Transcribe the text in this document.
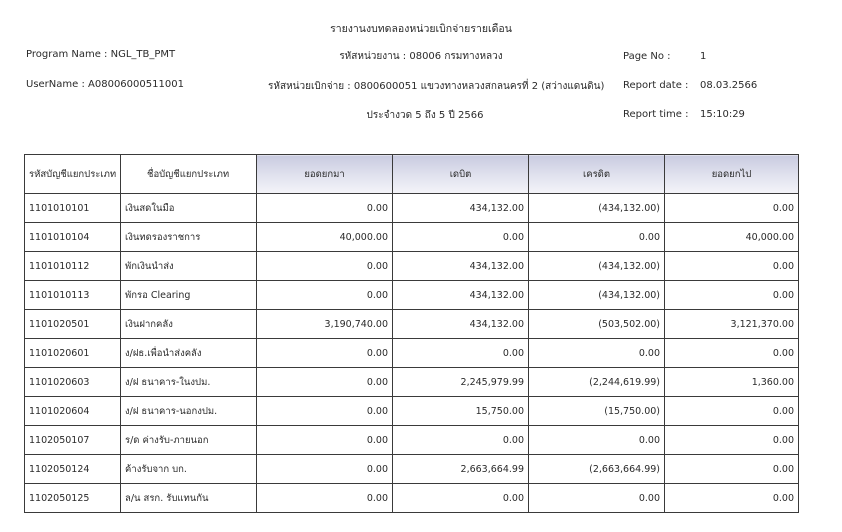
รายงานงบทดลองหน่วยเบิกจ่ายรายเดือน
Program Name : NGL_TB_PMT
UserName : A08006000511001
รหัสหน่วยงาน : 08006 กรมทางหลวง
รหัสหน่วยเบิกจ่าย : 0800600051 แขวงทางหลวงสกลนครที่ 2 (สว่างแดนดิน)
ประจำงวด 5 ถึง 5 ปี 2566
Page No :	1
Report date : 08.03.2566
Report time : 15:10:29
รหัสบัญชีแยกประเภท	ชื่อบัญชีแยกประเภท	ยอดยกมา	เดบิต	เครดิต	ยอดยกไป
1101010101	เงินสดในมือ	0.00	434,132.00	(434,132.00)	0.00
1101010104	เงินทดรองราชการ	40,000.00	0.00	0.00	40,000.00
1101010112	พักเงินนำส่ง	0.00	434,132.00	(434,132.00)	0.00
1101010113	พักรอ Clearing	0.00	434,132.00	(434,132.00)	0.00
1101020501	เงินฝากคลัง	3,190,740.00	434,132.00	(503,502.00)	3,121,370.00
1101020601	ง/ฝธ.เพื่อนำส่งคลัง	0.00	0.00	0.00	0.00
1101020603	ง/ฝ ธนาคาร-ในงปม.	0.00	2,245,979.99	(2,244,619.99)	1,360.00
1101020604	ง/ฝ ธนาคาร-นอกงปม.	0.00	15,750.00	(15,750.00)	0.00
1102050107	ร/ด ค่างรับ-ภายนอก	0.00	0.00	0.00	0.00
1102050124	ค้างรับจาก บก.	0.00	2,663,664.99	(2,663,664.99)	0.00
1102050125	ล/น สรก. รับแทนกัน	0.00	0.00	0.00	0.00
